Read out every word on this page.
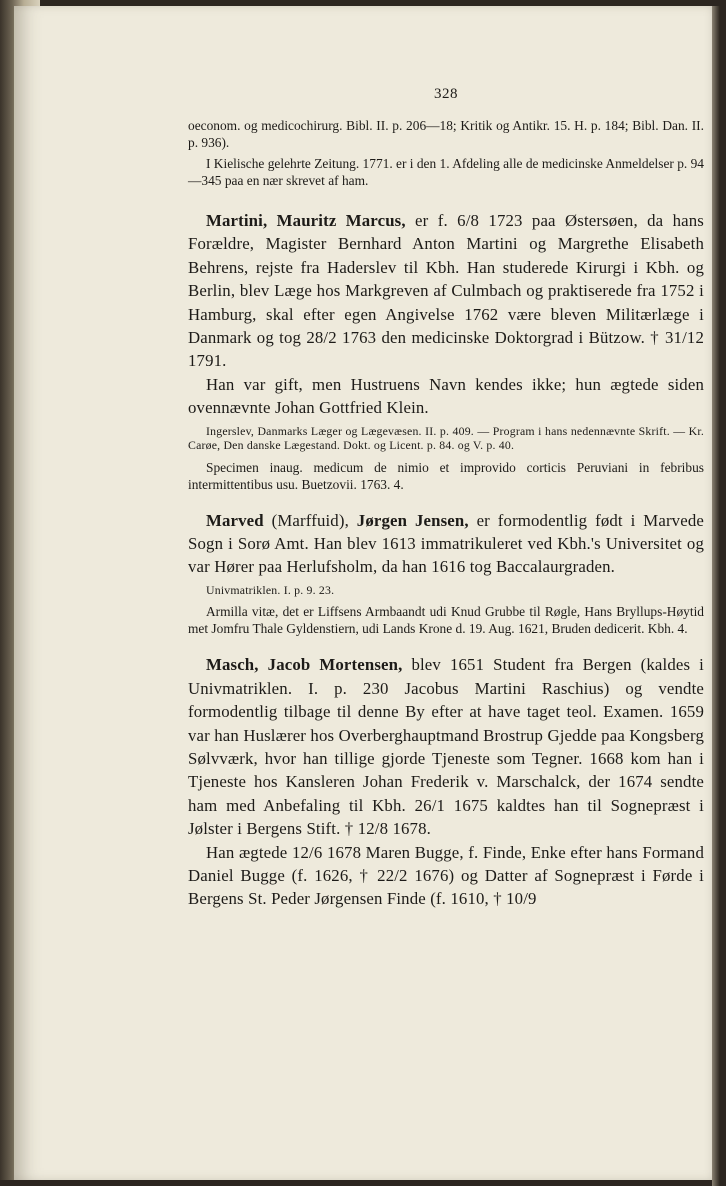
328

oeconom. og medicochirurg. Bibl. II. p. 206—18; Kritik og Antikr. 15. H. p. 184; Bibl. Dan. II. p. 936).

I Kielische gelehrte Zeitung. 1771. er i den 1. Afdeling alle de medicinske Anmeldelser p. 94—345 paa en nær skrevet af ham.

Martini, Mauritz Marcus, er f. 6/8 1723 paa Østersøen, da hans Forældre, Magister Bernhard Anton Martini og Margrethe Elisabeth Behrens, rejste fra Haderslev til Kbh. Han studerede Kirurgi i Kbh. og Berlin, blev Læge hos Markgreven af Culmbach og praktiserede fra 1752 i Hamburg, skal efter egen Angivelse 1762 være bleven Militærlæge i Danmark og tog 28/2 1763 den medicinske Doktorgrad i Bützow. † 31/12 1791.

Han var gift, men Hustruens Navn kendes ikke; hun ægtede siden ovennævnte Johan Gottfried Klein.

Ingerslev, Danmarks Læger og Lægevæsen. II. p. 409. — Program i hans nedennævnte Skrift. — Kr. Carøe, Den danske Lægestand. Dokt. og Licent. p. 84. og V. p. 40.

Specimen inaug. medicum de nimio et improvido corticis Peruviani in febribus intermittentibus usu. Buetzovii. 1763. 4.

Marved (Marffuid), Jørgen Jensen, er formodentlig født i Marvede Sogn i Sorø Amt. Han blev 1613 immatrikuleret ved Kbh.'s Universitet og var Hører paa Herlufsholm, da han 1616 tog Baccalaurgraden.

Univmatriklen. I. p. 9. 23.

Armilla vitæ, det er Liffsens Armbaandt udi Knud Grubbe til Røgle, Hans Bryllups-Høytid met Jomfru Thale Gyldenstiern, udi Lands Krone d. 19. Aug. 1621, Bruden dedicerit. Kbh. 4.

Masch, Jacob Mortensen, blev 1651 Student fra Bergen (kaldes i Univmatriklen. I. p. 230 Jacobus Martini Raschius) og vendte formodentlig tilbage til denne By efter at have taget teol. Examen. 1659 var han Huslærer hos Overberghauptmand Brostrup Gjedde paa Kongsberg Sølvværk, hvor han tillige gjorde Tjeneste som Tegner. 1668 kom han i Tjeneste hos Kansleren Johan Frederik v. Marschalck, der 1674 sendte ham med Anbefaling til Kbh. 26/1 1675 kaldtes han til Sognepræst i Jølster i Bergens Stift. † 12/8 1678.

Han ægtede 12/6 1678 Maren Bugge, f. Finde, Enke efter hans Formand Daniel Bugge (f. 1626, † 22/2 1676) og Datter af Sognepræst i Førde i Bergens St. Peder Jørgensen Finde (f. 1610, † 10/9
